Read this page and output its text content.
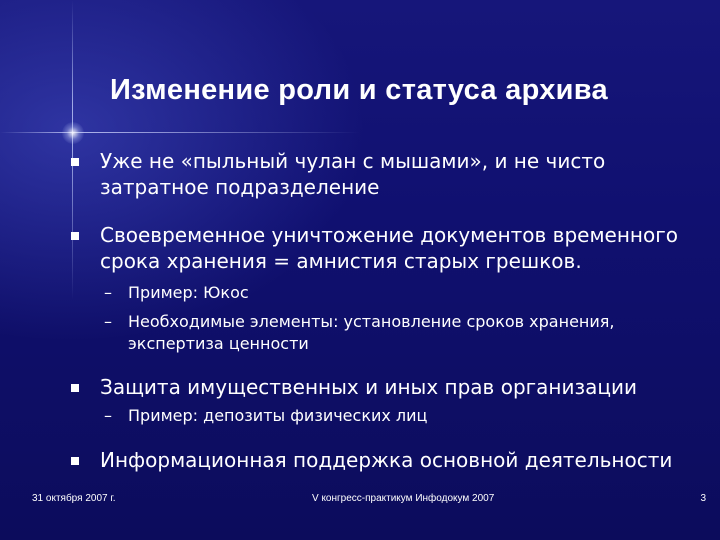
Изменение роли и статуса архива
Уже не «пыльный чулан с мышами», и не чисто затратное подразделение
Своевременное уничтожение документов временного срока хранения = амнистия старых грешков.
–	Пример: Юкос
–	Необходимые элементы: установление сроков хранения, экспертиза ценности
Защита имущественных и иных прав организации
–	Пример: депозиты физических лиц
Информационная поддержка основной деятельности
31 октября 2007 г.	V конгресс-практикум Инфодокум 2007	3
